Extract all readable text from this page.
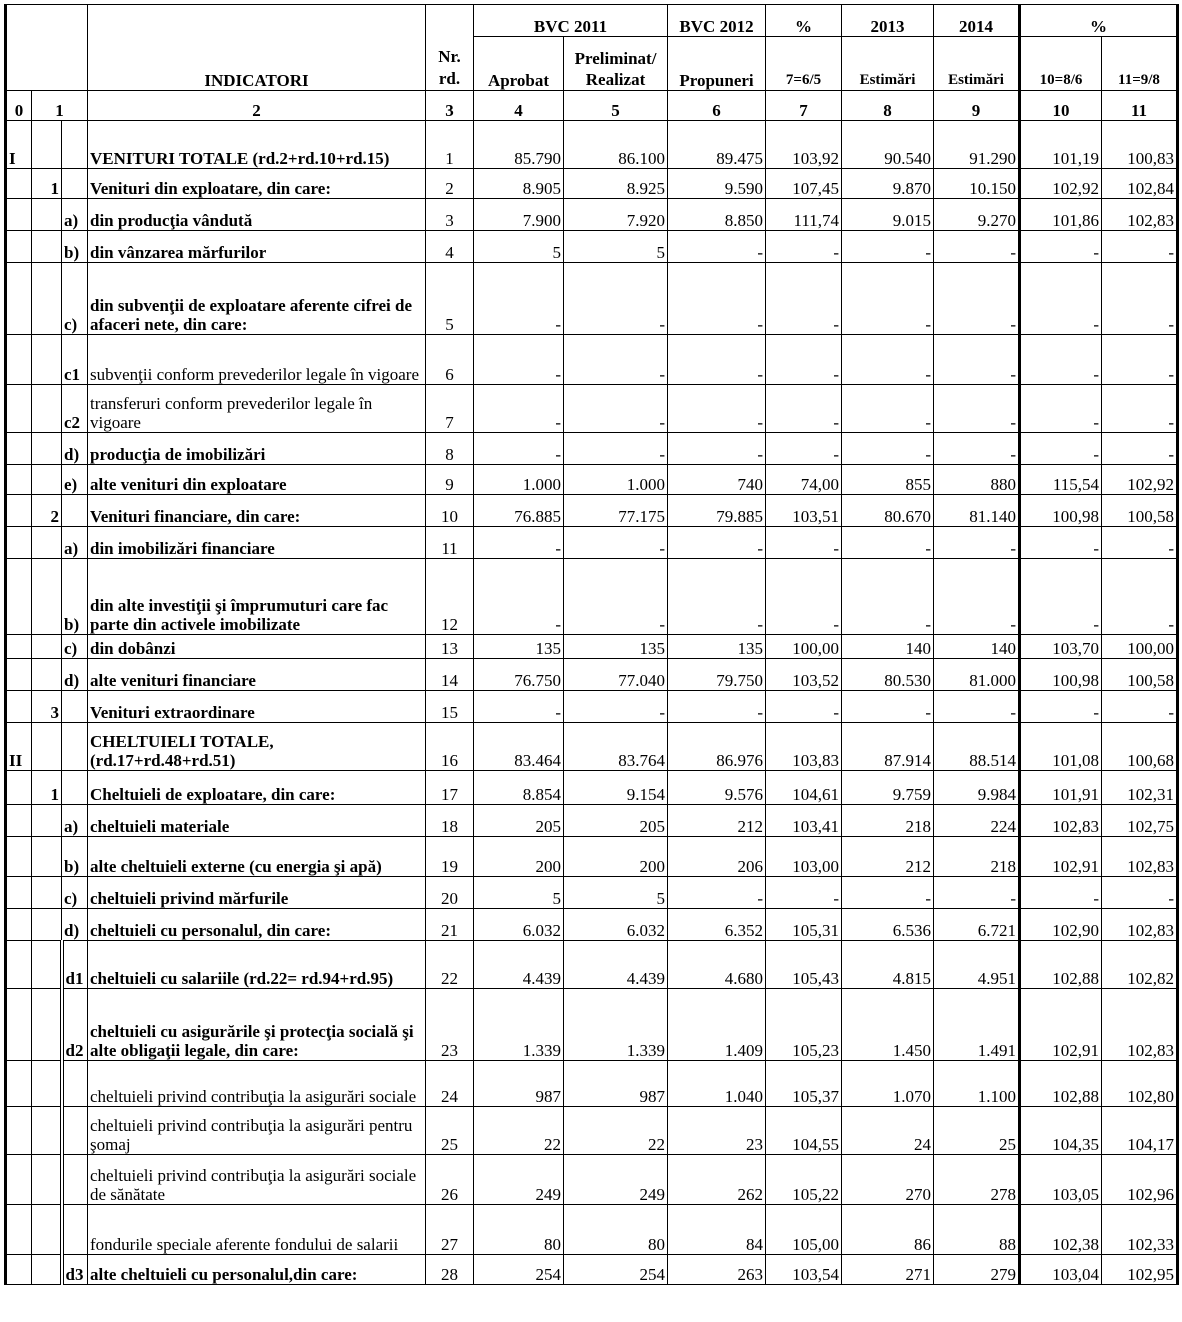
			INDICATORI	Nr. rd.	BVC 2011		BVC 2012	%	2013	2014	%	
					Aprobat	Preliminat/ Realizat	Propuneri	7=6/5	Estimări	Estimări	10=8/6	11=9/8
0	1		2	3	4	5	6	7	8	9	10	11
I			VENITURI TOTALE (rd.2+rd.10+rd.15)	1	85.790	86.100	89.475	103,92	90.540	91.290	101,19	100,83
	1		Venituri din exploatare, din care:	2	8.905	8.925	9.590	107,45	9.870	10.150	102,92	102,84
		a)	din producţia vândută	3	7.900	7.920	8.850	111,74	9.015	9.270	101,86	102,83
		b)	din vânzarea mărfurilor	4	5	5	-	-	-	-	-	-
		c)	din subvenţii de exploatare aferente cifrei de afaceri nete, din care:	5	-	-	-	-	-	-	-	-
		c1	subvenţii conform prevederilor legale în vigoare	6	-	-	-	-	-	-	-	-
		c2	transferuri conform prevederilor legale în vigoare	7	-	-	-	-	-	-	-	-
		d)	producţia de imobilizări	8	-	-	-	-	-	-	-	-
		e)	alte venituri din exploatare	9	1.000	1.000	740	74,00	855	880	115,54	102,92
	2		Venituri financiare, din care:	10	76.885	77.175	79.885	103,51	80.670	81.140	100,98	100,58
		a)	din imobilizări financiare	11	-	-	-	-	-	-	-	-
		b)	din alte investiţii şi împrumuturi care fac parte din activele imobilizate	12	-	-	-	-	-	-	-	-
		c)	din dobânzi	13	135	135	135	100,00	140	140	103,70	100,00
		d)	alte venituri financiare	14	76.750	77.040	79.750	103,52	80.530	81.000	100,98	100,58
	3		Venituri extraordinare	15	-	-	-	-	-	-	-	-
II			CHELTUIELI TOTALE, (rd.17+rd.48+rd.51)	16	83.464	83.764	86.976	103,83	87.914	88.514	101,08	100,68
	1		Cheltuieli de exploatare, din care:	17	8.854	9.154	9.576	104,61	9.759	9.984	101,91	102,31
		a)	cheltuieli materiale	18	205	205	212	103,41	218	224	102,83	102,75
		b)	alte cheltuieli externe (cu energia şi apă)	19	200	200	206	103,00	212	218	102,91	102,83
		c)	cheltuieli privind mărfurile	20	5	5	-	-	-	-	-	-
		d)	cheltuieli cu personalul, din care:	21	6.032	6.032	6.352	105,31	6.536	6.721	102,90	102,83
		d1	cheltuieli cu salariile (rd.22= rd.94+rd.95)	22	4.439	4.439	4.680	105,43	4.815	4.951	102,88	102,82
		d2	cheltuieli cu asigurările şi protecţia socială şi alte obligaţii legale, din care:	23	1.339	1.339	1.409	105,23	1.450	1.491	102,91	102,83
			cheltuieli privind contribuţia la asigurări sociale	24	987	987	1.040	105,37	1.070	1.100	102,88	102,80
			cheltuieli privind contribuţia la asigurări pentru şomaj	25	22	22	23	104,55	24	25	104,35	104,17
			cheltuieli privind contribuţia la asigurări sociale de sănătate	26	249	249	262	105,22	270	278	103,05	102,96
			fondurile speciale aferente fondului de salarii	27	80	80	84	105,00	86	88	102,38	102,33
		d3	alte cheltuieli cu personalul,din care:	28	254	254	263	103,54	271	279	103,04	102,95
